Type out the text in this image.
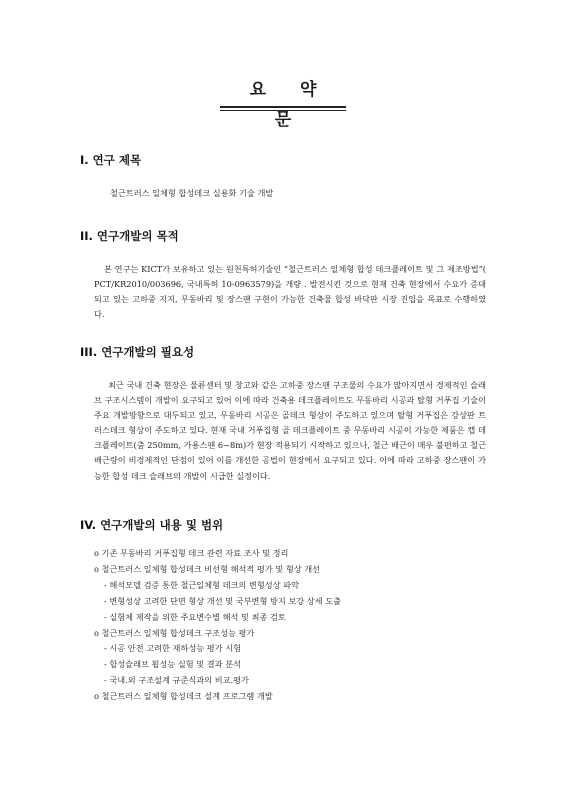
요 약 문
I. 연구 제목
철근트러스 일체형 합성데크 실용화 기술 개발
II. 연구개발의 목적
본 연구는 KICT가 보유하고 있는 원천특허기술인 “철근트러스 일체형 합성 데크플레이트 및 그 제조방법”( PCT/KR2010/003696, 국내특허 10-0963579)을 개량 . 발전시킨 것으로 현재 건축 현장에서 수요가 증대되고 있는 고하중 지지, 무동바리 및 장스팬 구현이 가능한 건축물 합성 바닥판 시장 진입을 목표로 수행하였다.
III. 연구개발의 필요성
최근 국내 건축 현장은 물류센터 및 창고와 같은 고하중 장스팬 구조물의 수요가 많아지면서 경제적인 슬래브 구조시스템이 개발이 요구되고 있어 이에 따라 건축용 데크플레이트도 무동바리 시공과 탈형 거푸집 기술이 주요 개발방향으로 대두되고 있고, 무동바리 시공은 골데크 형상이 주도하고 있으며 탈형 거푸집은 강상판 트러스데크 형상이 주도하고 있다. 현재 국내 거푸집형 골 데크플레이트 중 무동바리 시공이 가능한 제품은 캡 데크플레이트(춤 250mm, 가용스팬 6~8m)가 현장 적용되기 시작하고 있으나, 철근 배근이 매우 불편하고 철근배근량이 비경제적인 단점이 있어 이를 개선한 공법이 현장에서 요구되고 있다. 이에 따라 고하중 장스팬이 가능한 합성 데크 슬래브의 개발이 시급한 실정이다.
IV. 연구개발의 내용 및 범위
o 기존 무동바리 거푸집형 데크 관련 자료 조사 및 정리
o 철근트러스 일체형 합성데크 비선형 해석적 평가 및 형상 개선
- 해석모델 검증 통한 철근일체형 데크의 변형성상 파악
- 변형성상 고려한 단면 형상 개선 및 국부변형 방지 보강 상세 도출
- 실험체 제작을 위한 주요변수별 해석 및 최종 검토
o 철근트러스 일체형 합성데크 구조성능 평가
- 시공 안전 고려한 재하성능 평가 시험
- 합성슬래브 휨성능 실험 및 결과 분석
- 국내.외 구조설계 규준식과의 비교.평가
o 철근트러스 일체형 합성데크 설계 프로그램 개발
